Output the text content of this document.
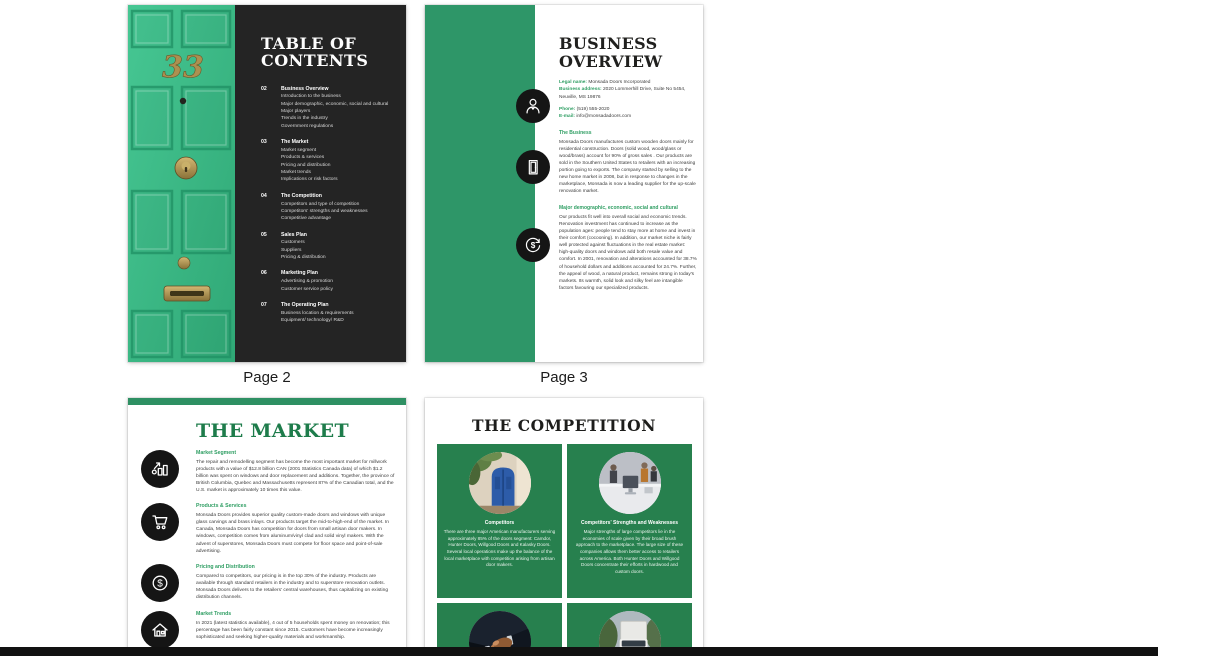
33
TABLE OF
CONTENTS
02	Business Overview
Introduction to the business
Major demographic, economic, social and cultural
Major players
Trends in the industry
Government regulations
03	The Market
Market segment
Products & services
Pricing and distribution
Market trends
Implications or risk factors
04	The Competition
Competitors and type of competition
Competitors' strengths and weaknesses
Competitive advantage
05	Sales Plan
Customers
Suppliers
Pricing & distribution
06	Marketing Plan
Advertising & promotion
Customer service policy
07	The Operating Plan
Business location & requirements
Equipment/ technology/ R&D
Page 2
$
BUSINESS
OVERVIEW
Legal name: Monsada Doors Incorporated
Business address: 2020 Lommerhill Drive, Suite No 5454, Neuville, MS 19876
Phone: (519) 555-2020
E-mail: info@monsadadoors.com
The Business
Monsada Doors manufactures custom wooden doors mainly for residential construction. Doors (solid wood, wood/glass or wood/brass) account for 90% of gross sales . Our products are sold in the Southern United States to retailers with an increasing portion going to exports. The company started by selling to the new home market in 2008, but in response to changes in the marketplace, Monsada is now a leading supplier for the up-scale renovation market.
Major demographic, economic, social and cultural
Our products fit well into overall social and economic trends. Renovation investment has continued to increase as the population ages: people tend to stay more at home and invest in their comfort (cocooning). In addition, our market niche is fairly well protected against fluctuations in the real estate market: high-quality doors and windows add both resale value and comfort. In 2001, renovation and alterations accounted for 38.7% of household dollars and additions accounted for 24.7%. Further, the appeal of wood, a natural product, remains strong in today's markets. Its warmth, solid look and silky feel are intangible factors favouring our specialized products.
Page 3
THE MARKET
Market Segment
The repair and remodelling segment has become the most important market for millwork products with a value of $12.8 billion CAN (2001 Statistics Canada data) of which $1.2 billion was spent on windows and door replacement and additions. Together, the province of British Columbia, Quebec and Massachusetts represent 87% of the Canadian total, and the U.S. market is approximately 10 times this value.
Products & Services
Monsada Doors provides superior quality custom-made doors and windows with unique glass carvings and brass inlays. Our products target the mid-to-high-end of the market. In Canada, Monsada Doors has competition for doors from small artisan door makers. In windows, competition comes from aluminum/vinyl clad and solid vinyl makers. With the advent of superstores, Monsada Doors must compete for floor space and point-of-sale advertising.
$
Pricing and Distribution
Compared to competitors, our pricing is in the top 30% of the industry. Products are available through standard retailers in the industry and to superstore renovation outlets. Monsada Doors delivers to the retailers' central warehouses, thus capitalizing on existing distribution channels.
Market Trends
In 2021 (latest statistics available), 4 out of 5 households spent money on renovation; this percentage has been fairly constant since 2015. Customers have become increasingly sophisticated and seeking higher-quality materials and workmanship.
THE COMPETITION
Competitors
There are three major American manufacturers serving approximately 85% of the doors segment: Camdor, Hunter Doors, Willgood Doors and Kalasky Doors. Several local operations make up the balance of the local marketplace with competition arising from artisan door makers.
Competitors' Strengths and Weaknesses
Major strengths of large competitors lie in the economies of scale given by their broad brush approach to the marketplace. The large size of these companies allows them better access to retailers across America. Both Hunter Doors and Willgood Doors concentrate their efforts in hardwood and custom doors.
